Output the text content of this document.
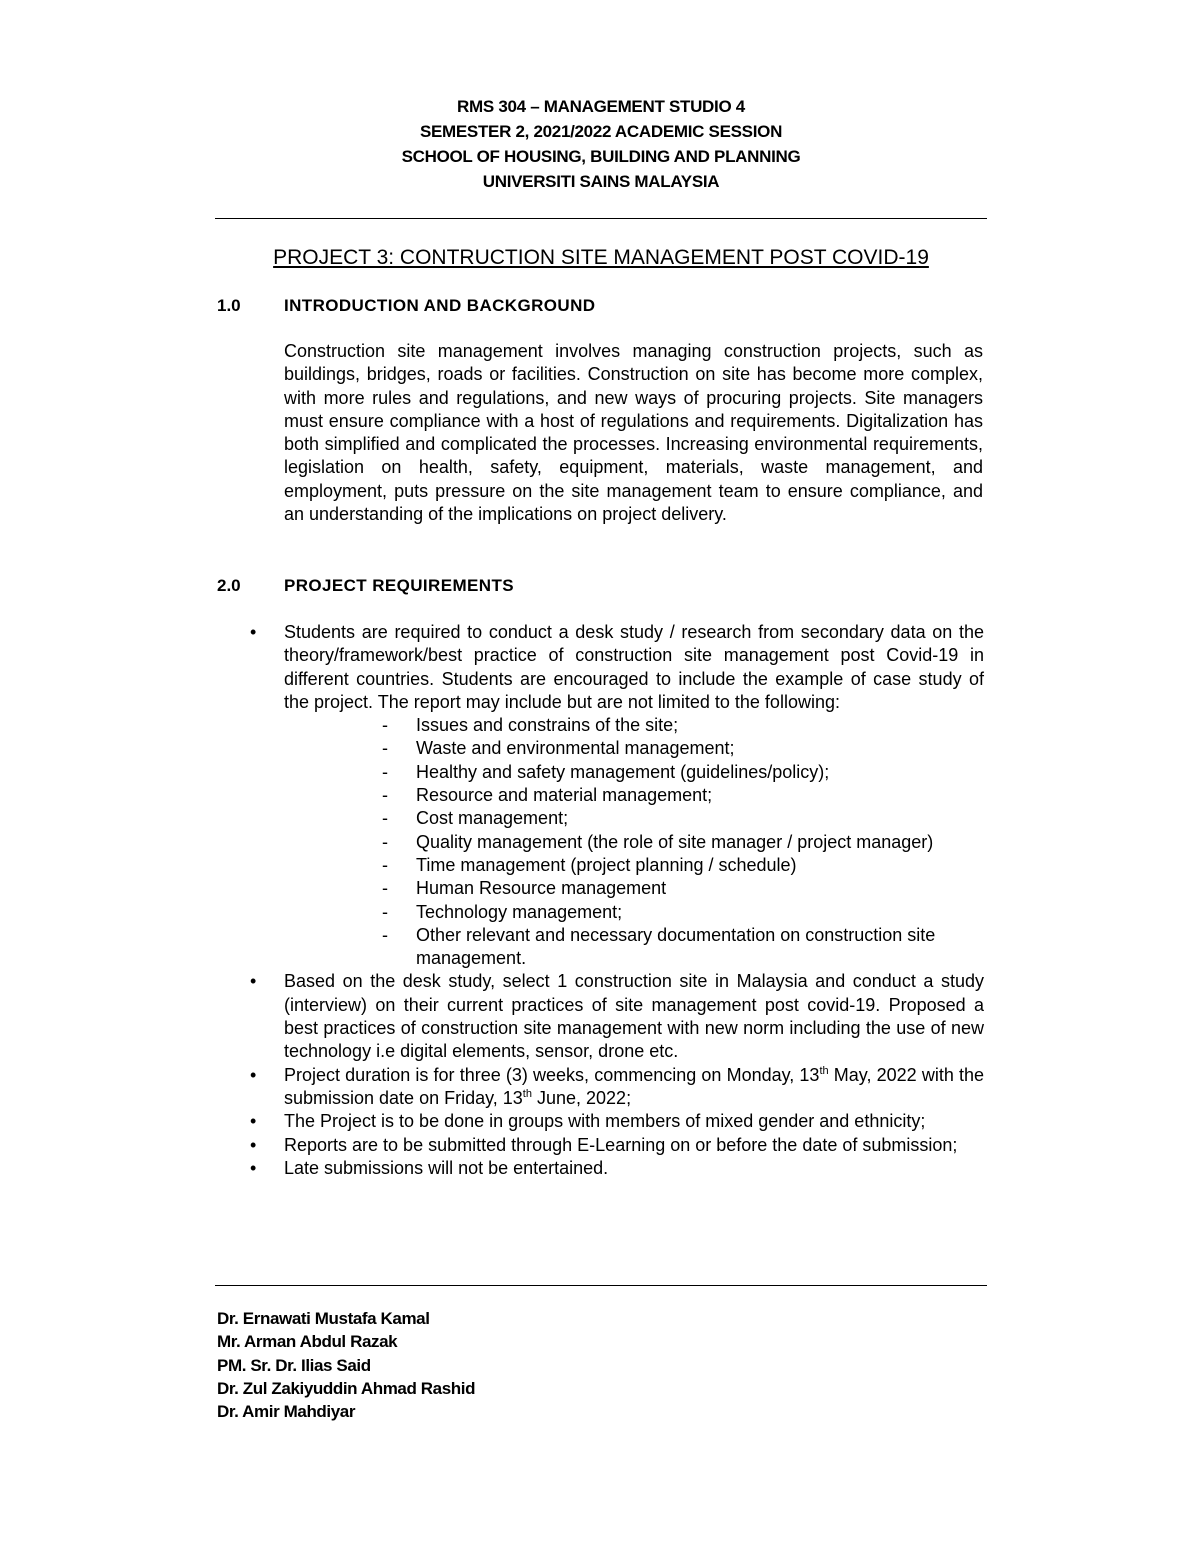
RMS 304 – MANAGEMENT STUDIO 4
SEMESTER 2, 2021/2022 ACADEMIC SESSION
SCHOOL OF HOUSING, BUILDING AND PLANNING
UNIVERSITI SAINS MALAYSIA
PROJECT 3: CONTRUCTION SITE MANAGEMENT POST COVID-19
1.0	INTRODUCTION AND BACKGROUND
Construction site management involves managing construction projects, such as buildings, bridges, roads or facilities. Construction on site has become more complex, with more rules and regulations, and new ways of procuring projects. Site managers must ensure compliance with a host of regulations and requirements. Digitalization has both simplified and complicated the processes. Increasing environmental requirements, legislation on health, safety, equipment, materials, waste management, and employment, puts pressure on the site management team to ensure compliance, and an understanding of the implications on project delivery.
2.0	PROJECT REQUIREMENTS
•	Students are required to conduct a desk study / research from secondary data on the theory/framework/best practice of construction site management post Covid-19 in different countries. Students are encouraged to include the example of case study of the project. The report may include but are not limited to the following:
- Issues and constrains of the site;
- Waste and environmental management;
- Healthy and safety management (guidelines/policy);
- Resource and material management;
- Cost management;
- Quality management (the role of site manager / project manager)
- Time management (project planning / schedule)
- Human Resource management
- Technology management;
- Other relevant and necessary documentation on construction site management.
•	Based on the desk study, select 1 construction site in Malaysia and conduct a study (interview) on their current practices of site management post covid-19. Proposed a best practices of construction site management with new norm including the use of new technology i.e digital elements, sensor, drone etc.
•	Project duration is for three (3) weeks, commencing on Monday, 13th May, 2022 with the submission date on Friday, 13th June, 2022;
•	The Project is to be done in groups with members of mixed gender and ethnicity;
•	Reports are to be submitted through E-Learning on or before the date of submission;
•	Late submissions will not be entertained.
Dr. Ernawati Mustafa Kamal
Mr. Arman Abdul Razak
PM. Sr. Dr. Ilias Said
Dr. Zul Zakiyuddin Ahmad Rashid
Dr. Amir Mahdiyar
